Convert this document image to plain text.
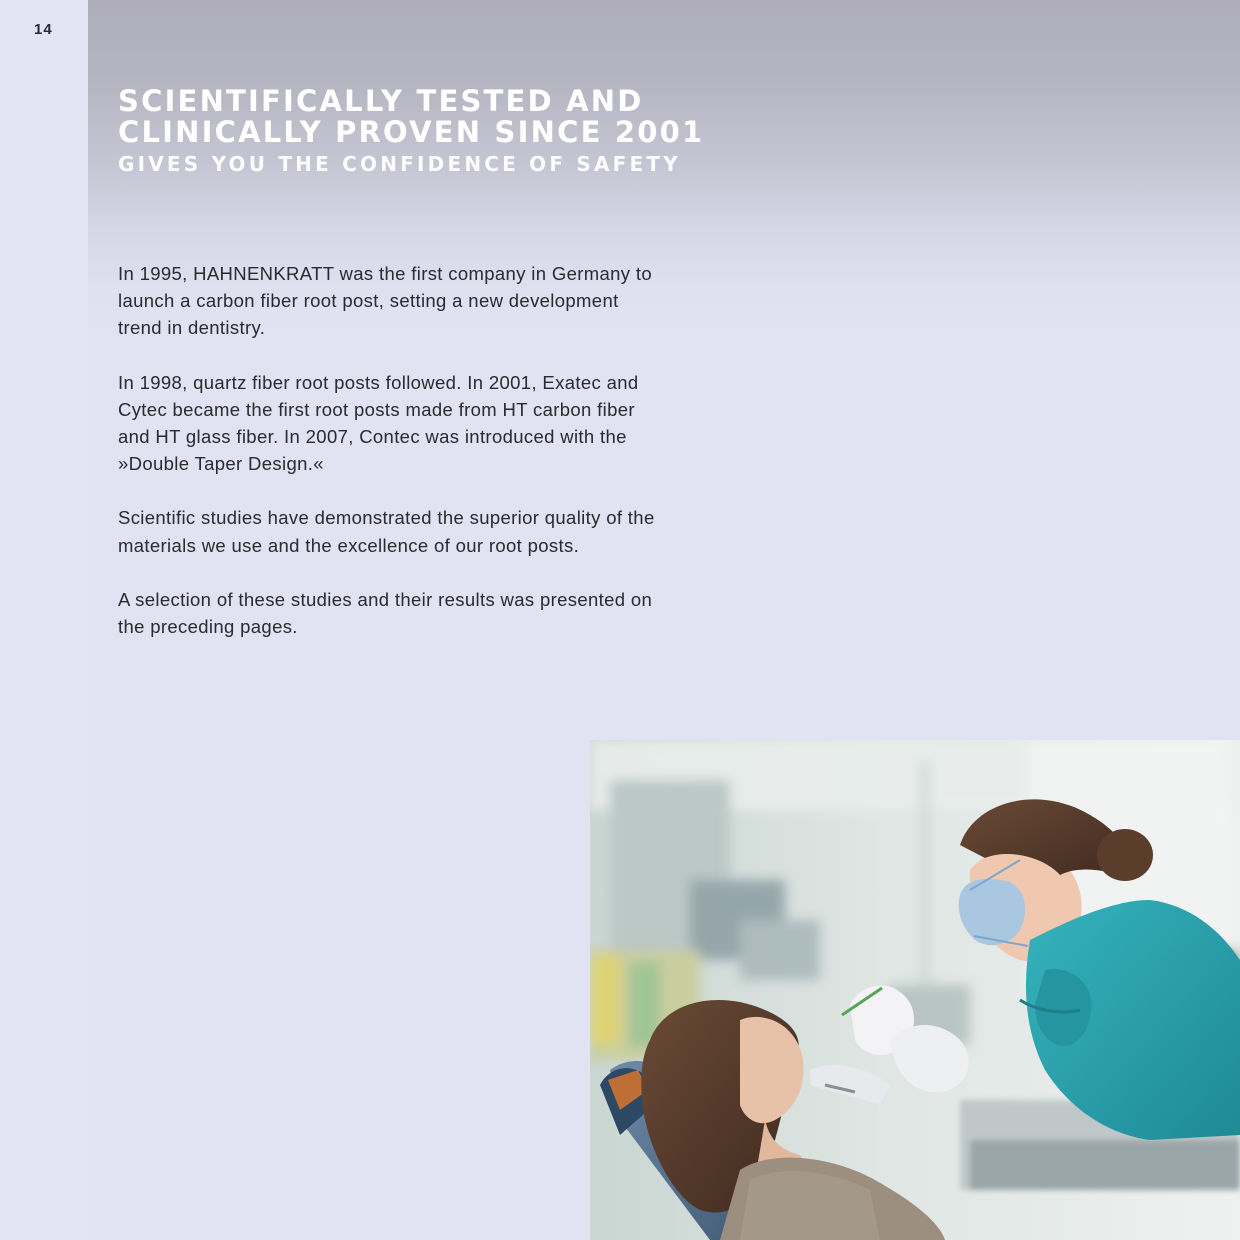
14
SCIENTIFICALLY TESTED AND CLINICALLY PROVEN SINCE 2001
GIVES YOU THE CONFIDENCE OF SAFETY

In 1995, HAHNENKRATT was the first company in Germany to launch a carbon fiber root post, setting a new development trend in dentistry.

In 1998, quartz fiber root posts followed. In 2001, Exatec and Cytec became the first root posts made from HT carbon fiber and HT glass fiber. In 2007, Contec was introduced with the »Double Taper Design.«

Scientific studies have demonstrated the superior quality of the materials we use and the excellence of our root posts.

A selection of these studies and their results was presented on the preceding pages.
